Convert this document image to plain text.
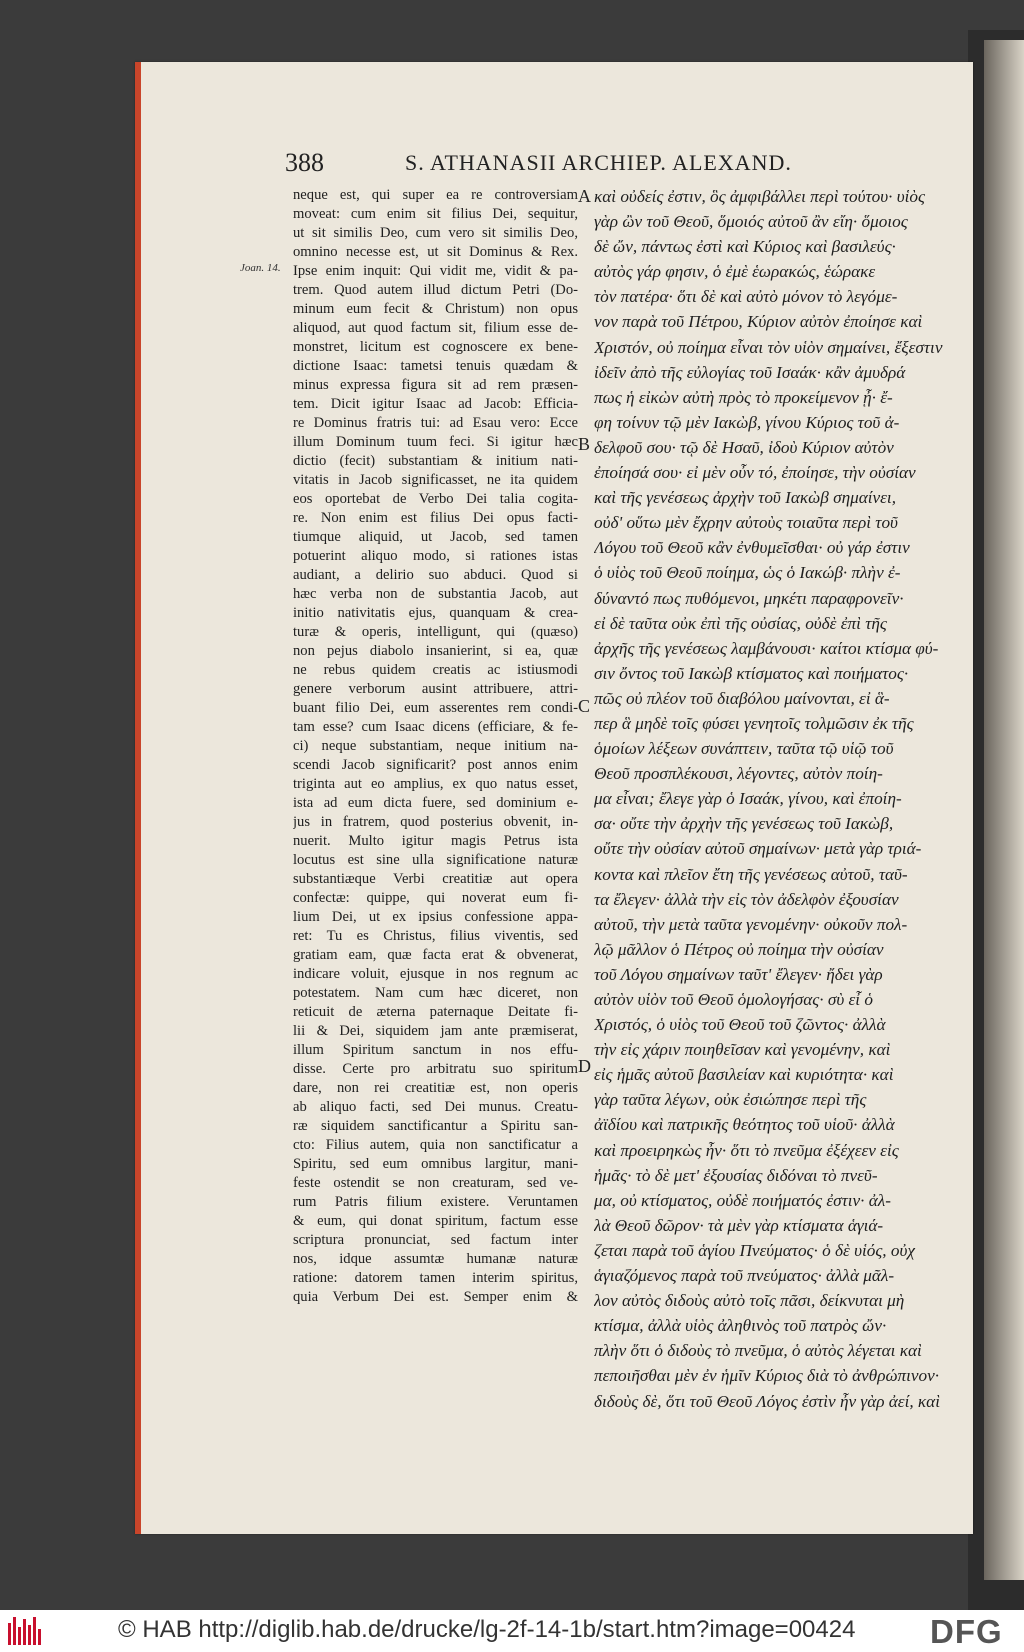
388	S. ATHANASII ARCHIEP. ALEXAND.
Joan. 14.
A
B
C
D
neque est, qui super ea re controversiam
moveat: cum enim sit filius Dei, sequitur,
ut sit similis Deo, cum vero sit similis Deo,
omnino necesse est, ut sit Dominus & Rex.
Ipse enim inquit: Qui vidit me, vidit & pa-
trem. Quod autem illud dictum Petri (Do-
minum eum fecit & Christum) non opus
aliquod, aut quod factum sit, filium esse de-
monstret, licitum est cognoscere ex bene-
dictione Isaac: tametsi tenuis quædam &
minus expressa figura sit ad rem præsen-
tem. Dicit igitur Isaac ad Jacob: Efficia-
re Dominus fratris tui: ad Esau vero: Ecce
illum Dominum tuum feci. Si igitur hæc
dictio (fecit) substantiam & initium nati-
vitatis in Jacob significasset, ne ita quidem
eos oportebat de Verbo Dei talia cogita-
re. Non enim est filius Dei opus facti-
tiumque aliquid, ut Jacob, sed tamen
potuerint aliquo modo, si rationes istas
audiant, a delirio suo abduci. Quod si
hæc verba non de substantia Jacob, aut
initio nativitatis ejus, quanquam & crea-
turæ & operis, intelligunt, qui (quæso)
non pejus diabolo insanierint, si ea, quæ
ne rebus quidem creatis ac istiusmodi
genere verborum ausint attribuere, attri-
buant filio Dei, eum asserentes rem condi-
tam esse? cum Isaac dicens (efficiare, & fe-
ci) neque substantiam, neque initium na-
scendi Jacob significarit? post annos enim
triginta aut eo amplius, ex quo natus esset,
ista ad eum dicta fuere, sed dominium e-
jus in fratrem, quod posterius obvenit, in-
nuerit. Multo igitur magis Petrus ista
locutus est sine ulla significatione naturæ
substantiæque Verbi creatitiæ aut opera
confectæ: quippe, qui noverat eum fi-
lium Dei, ut ex ipsius confessione appa-
ret: Tu es Christus, filius viventis, sed
gratiam eam, quæ facta erat & obvenerat,
indicare voluit, ejusque in nos regnum ac
potestatem. Nam cum hæc diceret, non
reticuit de æterna paternaque Deitate fi-
lii & Dei, siquidem jam ante præmiserat,
illum Spiritum sanctum in nos effu-
disse. Certe pro arbitratu suo spiritum
dare, non rei creatitiæ est, non operis
ab aliquo facti, sed Dei munus. Creatu-
ræ siquidem sanctificantur a Spiritu san-
cto: Filius autem, quia non sanctificatur a
Spiritu, sed eum omnibus largitur, mani-
feste ostendit se non creaturam, sed ve-
rum Patris filium existere. Veruntamen
& eum, qui donat spiritum, factum esse
scriptura pronunciat, sed factum inter
nos, idque assumtæ humanæ naturæ
ratione: datorem tamen interim spiritus,
quia Verbum Dei est. Semper enim &
καὶ οὐδείς ἐστιν, ὃς ἀμφιβάλλει περὶ τούτου· υἱὸς
γὰρ ὢν τοῦ Θεοῦ, ὅμοιός αὐτοῦ ἂν εἴη· ὅμοιος
δὲ ὤν, πάντως ἐστὶ καὶ Κύριος καὶ βασιλεύς·
αὐτὸς γάρ φησιν, ὁ ἐμὲ ἑωρακώς, ἑώρακε
τὸν πατέρα· ὅτι δὲ καὶ αὐτὸ μόνον τὸ λεγόμε-
νον παρὰ τοῦ Πέτρου, Κύριον αὐτὸν ἐποίησε καὶ
Χριστόν, οὐ ποίημα εἶναι τὸν υἱὸν σημαίνει, ἔξεστιν
ἰδεῖν ἀπὸ τῆς εὐλογίας τοῦ Ισαάκ· κἂν ἀμυδρά
πως ἡ εἰκὼν αὐτὴ πρὸς τὸ προκείμενον ᾖ· ἔ-
φη τοίνυν τῷ μὲν Ιακὼβ, γίνου Κύριος τοῦ ἀ-
δελφοῦ σου· τῷ δὲ Ησαῦ, ἰδοὺ Κύριον αὐτὸν
ἐποίησά σου· εἰ μὲν οὖν τό, ἐποίησε, τὴν οὐσίαν
καὶ τῆς γενέσεως ἀρχὴν τοῦ Ιακὼβ σημαίνει,
οὐδ' οὕτω μὲν ἔχρην αὐτοὺς τοιαῦτα περὶ τοῦ
Λόγου τοῦ Θεοῦ κἂν ἐνθυμεῖσθαι· οὐ γάρ ἐστιν
ὁ υἱὸς τοῦ Θεοῦ ποίημα, ὡς ὁ Ιακώβ· πλὴν ἐ-
δύναντό πως πυθόμενοι, μηκέτι παραφρονεῖν·
εἰ δὲ ταῦτα οὐκ ἐπὶ τῆς οὐσίας, οὐδὲ ἐπὶ τῆς
ἀρχῆς τῆς γενέσεως λαμβάνουσι· καίτοι κτίσμα φύ-
σιν ὄντος τοῦ Ιακὼβ κτίσματος καὶ ποιήματος·
πῶς οὐ πλέον τοῦ διαβόλου μαίνονται, εἰ ἃ-
περ ἃ μηδὲ τοῖς φύσει γενητοῖς τολμῶσιν ἐκ τῆς
ὁμοίων λέξεων συνάπτειν, ταῦτα τῷ υἱῷ τοῦ
Θεοῦ προσπλέκουσι, λέγοντες, αὐτὸν ποίη-
μα εἶναι; ἔλεγε γὰρ ὁ Ισαάκ, γίνου, καὶ ἐποίη-
σα· οὔτε τὴν ἀρχὴν τῆς γενέσεως τοῦ Ιακὼβ,
οὔτε τὴν οὐσίαν αὐτοῦ σημαίνων· μετὰ γὰρ τριά-
κοντα καὶ πλεῖον ἔτη τῆς γενέσεως αὐτοῦ, ταῦ-
τα ἔλεγεν· ἀλλὰ τὴν εἰς τὸν ἀδελφὸν ἐξουσίαν
αὐτοῦ, τὴν μετὰ ταῦτα γενομένην· οὐκοῦν πολ-
λῷ μᾶλλον ὁ Πέτρος οὐ ποίημα τὴν οὐσίαν
τοῦ Λόγου σημαίνων ταῦτ' ἔλεγεν· ἤδει γὰρ
αὐτὸν υἱὸν τοῦ Θεοῦ ὁμολογήσας· σὺ εἶ ὁ
Χριστός, ὁ υἱὸς τοῦ Θεοῦ τοῦ ζῶντος· ἀλλὰ
τὴν εἰς χάριν ποιηθεῖσαν καὶ γενομένην, καὶ
εἰς ἡμᾶς αὐτοῦ βασιλείαν καὶ κυριότητα· καὶ
γὰρ ταῦτα λέγων, οὐκ ἐσιώπησε περὶ τῆς
ἀϊδίου καὶ πατρικῆς θεότητος τοῦ υἱοῦ· ἀλλὰ
καὶ προειρηκὼς ἦν· ὅτι τὸ πνεῦμα ἐξέχεεν εἰς
ἡμᾶς· τὸ δὲ μετ' ἐξουσίας διδόναι τὸ πνεῦ-
μα, οὐ κτίσματος, οὐδὲ ποιήματός ἐστιν· ἀλ-
λὰ Θεοῦ δῶρον· τὰ μὲν γὰρ κτίσματα ἁγιά-
ζεται παρὰ τοῦ ἁγίου Πνεύματος· ὁ δὲ υἱός, οὐχ
ἁγιαζόμενος παρὰ τοῦ πνεύματος· ἀλλὰ μᾶλ-
λον αὐτὸς διδοὺς αὐτὸ τοῖς πᾶσι, δείκνυται μὴ
κτίσμα, ἀλλὰ υἱὸς ἀληθινὸς τοῦ πατρὸς ὤν·
πλὴν ὅτι ὁ διδοὺς τὸ πνεῦμα, ὁ αὐτὸς λέγεται καὶ
πεποιῆσθαι μὲν ἐν ἡμῖν Κύριος διὰ τὸ ἀνθρώπινον·
διδοὺς δὲ, ὅτι τοῦ Θεοῦ Λόγος ἐστὶν ἦν γὰρ ἀεί, καὶ
© HAB http://diglib.hab.de/drucke/lg-2f-14-1b/start.htm?image=00424 DFG
